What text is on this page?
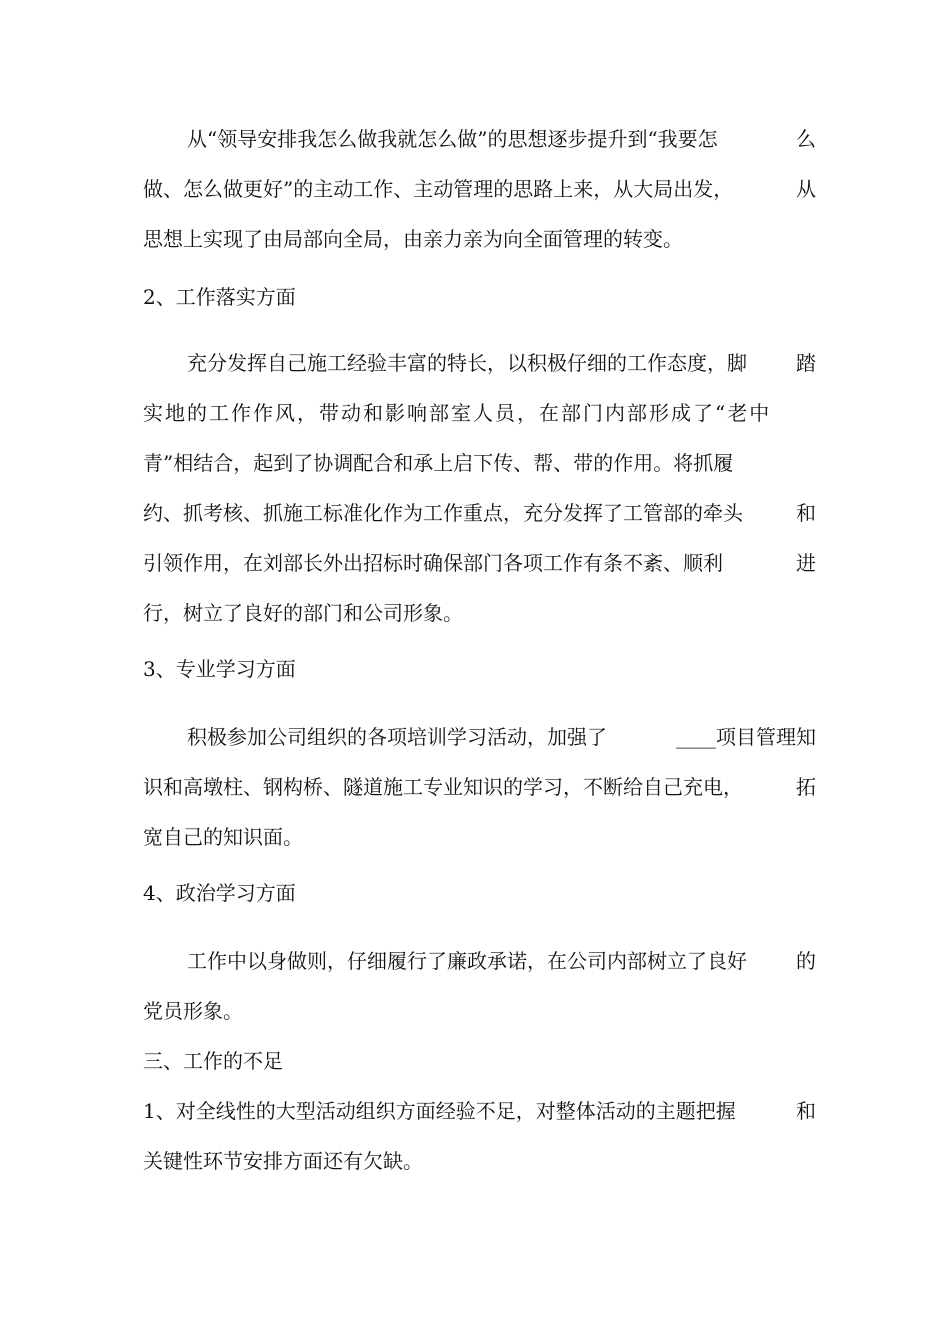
从“领导安排我怎么做我就怎么做”的思想逐步提升到“我要怎	么
做、怎么做更好”的主动工作、主动管理的思路上来，从大局出发，	从
思想上实现了由局部向全局，由亲力亲为向全面管理的转变。
2、工作落实方面
充分发挥自己施工经验丰富的特长，以积极仔细的工作态度，脚 踏
实地的工作作风，带动和影响部室人员，在部门内部形成了“老中
青”相结合，起到了协调配合和承上启下传、帮、带的作用。将抓履
约、抓考核、抓施工标准化作为工作重点，充分发挥了工管部的牵头	和
引领作用，在刘部长外出招标时确保部门各项工作有条不紊、顺利	进
行，树立了良好的部门和公司形象。
3、专业学习方面
积极参加公司组织的各项培训学习活动，加强了	____项目管理知
识和高墩柱、钢构桥、隧道施工专业知识的学习，不断给自己充电，	拓
宽自己的知识面。
4、政治学习方面
工作中以身做则，仔细履行了廉政承诺，在公司内部树立了良好 的
党员形象。
三、工作的不足
1、对全线性的大型活动组织方面经验不足，对整体活动的主题把握	和
关键性环节安排方面还有欠缺。
